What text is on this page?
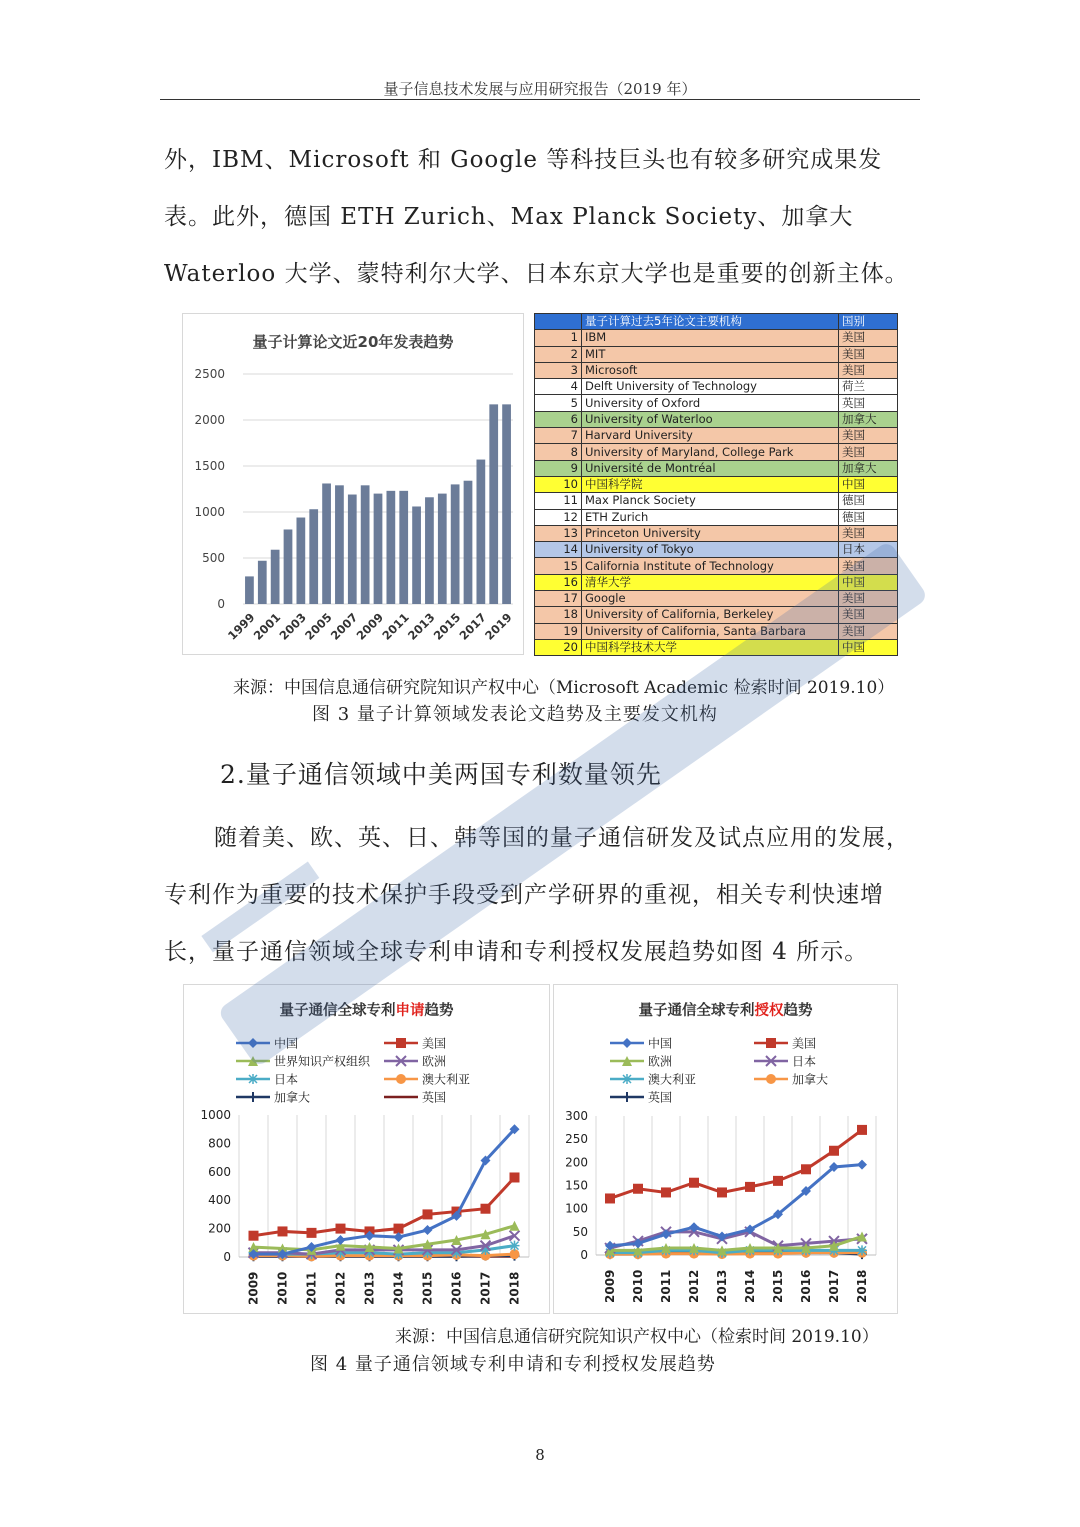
量子信息技术发展与应用研究报告（2019 年）
外，IBM、Microsoft 和 Google 等科技巨头也有较多研究成果发表。此外，德国 ETH Zurich、Max Planck Society、加拿大 Waterloo 大学、蒙特利尔大学、日本东京大学也是重要的创新主体。
量子计算论文近20年发表趋势
0
500
1000
1500
2000
2500
1999
2001
2003
2005
2007
2009
2011
2013
2015
2017
2019
	量子计算过去5年论文主要机构	国别
1	IBM	美国
2	MIT	美国
3	Microsoft	美国
4	Delft University of Technology	荷兰
5	University of Oxford	英国
6	University of Waterloo	加拿大
7	Harvard University	美国
8	University of Maryland, College Park	美国
9	Université de Montréal	加拿大
10	中国科学院	中国
11	Max Planck Society	德国
12	ETH Zurich	德国
13	Princeton University	美国
14	University of Tokyo	日本
15	California Institute of Technology	美国
16	清华大学	中国
17	Google	美国
18	University of California, Berkeley	美国
19	University of California, Santa Barbara	美国
20	中国科学技术大学	中国
来源：中国信息通信研究院知识产权中心（Microsoft Academic 检索时间 2019.10）
图 3 量子计算领域发表论文趋势及主要发文机构
2.量子通信领域中美两国专利数量领先
随着美、欧、英、日、韩等国的量子通信研发及试点应用的发展，专利作为重要的技术保护手段受到产学研界的重视，相关专利快速增长，量子通信领域全球专利申请和专利授权发展趋势如图 4 所示。
量子通信全球专利申请趋势
中国	美国
世界知识产权组织	欧洲
日本	澳大利亚
加拿大	英国
0
200
400
600
800
1000
2009 2010 2011 2012 2013 2014 2015 2016 2017 2018
量子通信全球专利授权趋势
中国	美国
欧洲	日本
澳大利亚	加拿大
英国
0
50
100
150
200
250
300
2009 2010 2011 2012 2013 2014 2015 2016 2017 2018
来源：中国信息通信研究院知识产权中心（检索时间 2019.10）
图 4 量子通信领域专利申请和专利授权发展趋势
8
